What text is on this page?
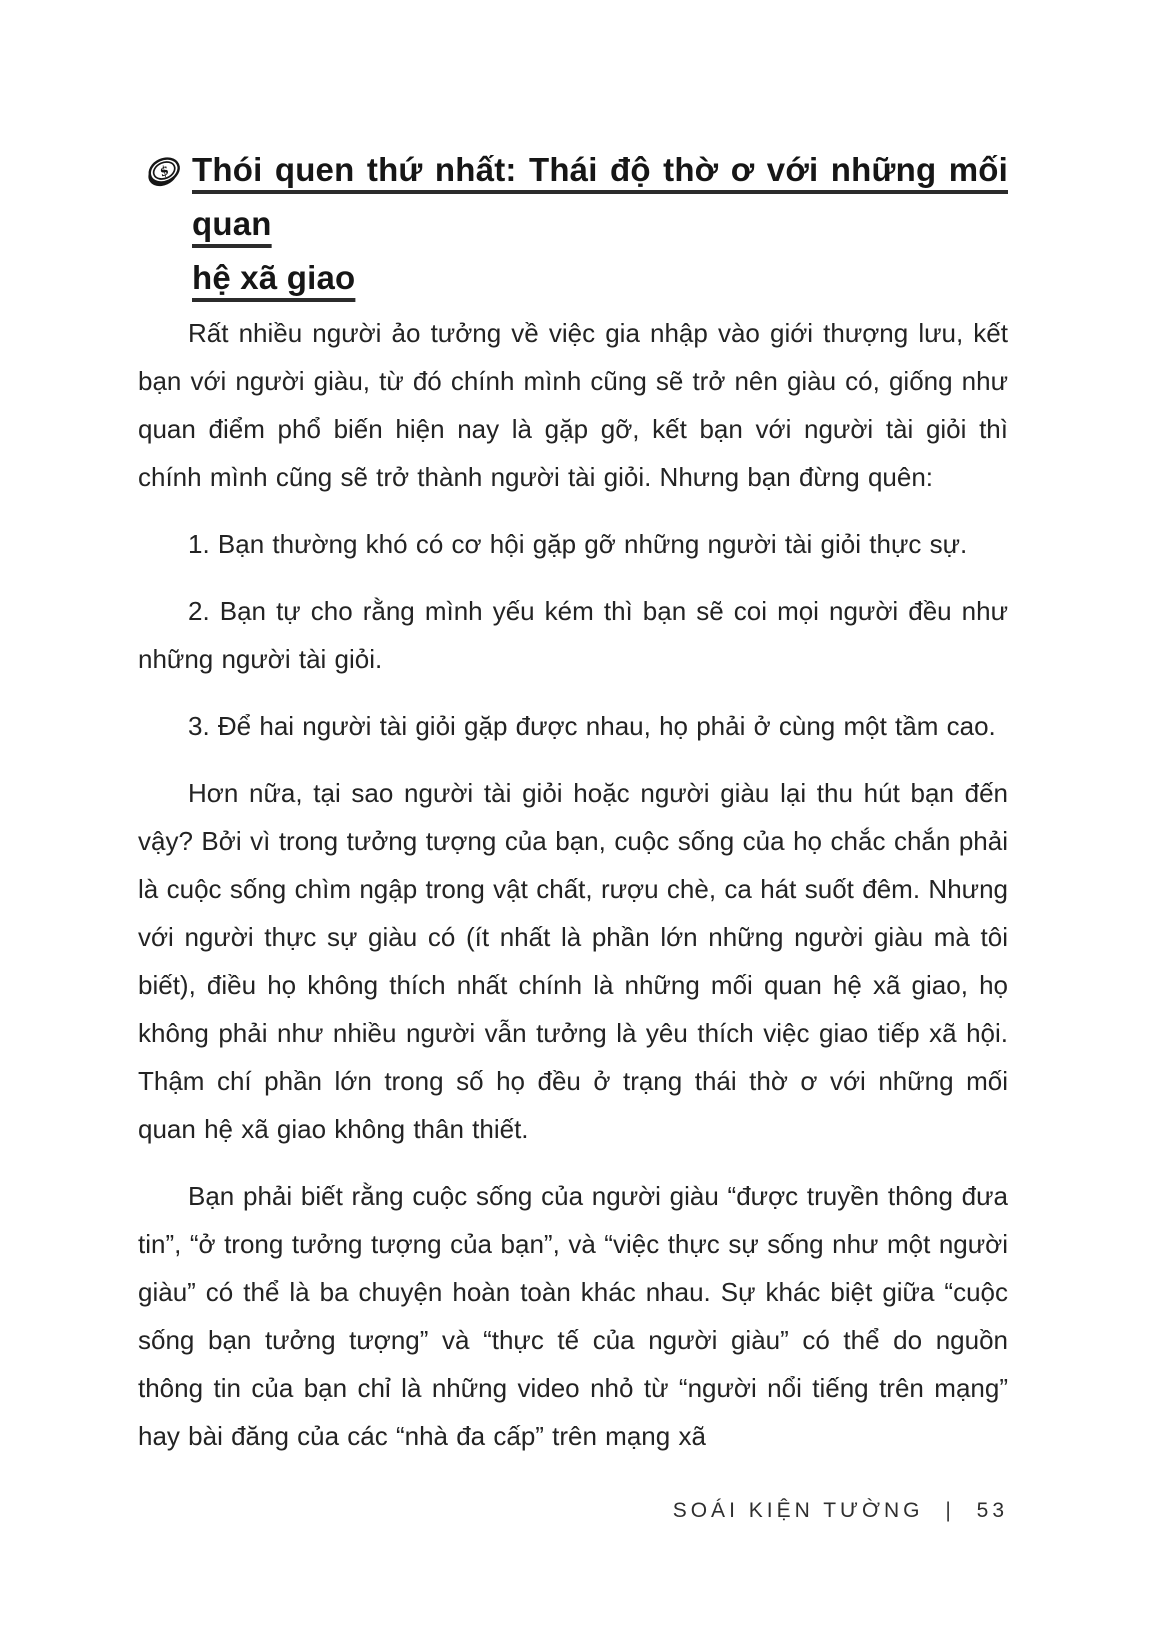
$ Thói quen thứ nhất: Thái độ thờ ơ với những mối quan
hệ xã giao

Rất nhiều người ảo tưởng về việc gia nhập vào giới thượng lưu, kết bạn với người giàu, từ đó chính mình cũng sẽ trở nên giàu có, giống như quan điểm phổ biến hiện nay là gặp gỡ, kết bạn với người tài giỏi thì chính mình cũng sẽ trở thành người tài giỏi. Nhưng bạn đừng quên:

1. Bạn thường khó có cơ hội gặp gỡ những người tài giỏi thực sự.

2. Bạn tự cho rằng mình yếu kém thì bạn sẽ coi mọi người đều như những người tài giỏi.

3. Để hai người tài giỏi gặp được nhau, họ phải ở cùng một tầm cao.

Hơn nữa, tại sao người tài giỏi hoặc người giàu lại thu hút bạn đến vậy? Bởi vì trong tưởng tượng của bạn, cuộc sống của họ chắc chắn phải là cuộc sống chìm ngập trong vật chất, rượu chè, ca hát suốt đêm. Nhưng với người thực sự giàu có (ít nhất là phần lớn những người giàu mà tôi biết), điều họ không thích nhất chính là những mối quan hệ xã giao, họ không phải như nhiều người vẫn tưởng là yêu thích việc giao tiếp xã hội. Thậm chí phần lớn trong số họ đều ở trạng thái thờ ơ với những mối quan hệ xã giao không thân thiết.

Bạn phải biết rằng cuộc sống của người giàu “được truyền thông đưa tin”, “ở trong tưởng tượng của bạn”, và “việc thực sự sống như một người giàu” có thể là ba chuyện hoàn toàn khác nhau. Sự khác biệt giữa “cuộc sống bạn tưởng tượng” và “thực tế của người giàu” có thể do nguồn thông tin của bạn chỉ là những video nhỏ từ “người nổi tiếng trên mạng” hay bài đăng của các “nhà đa cấp” trên mạng xã

SOÁI KIỆN TƯỜNG | 53
